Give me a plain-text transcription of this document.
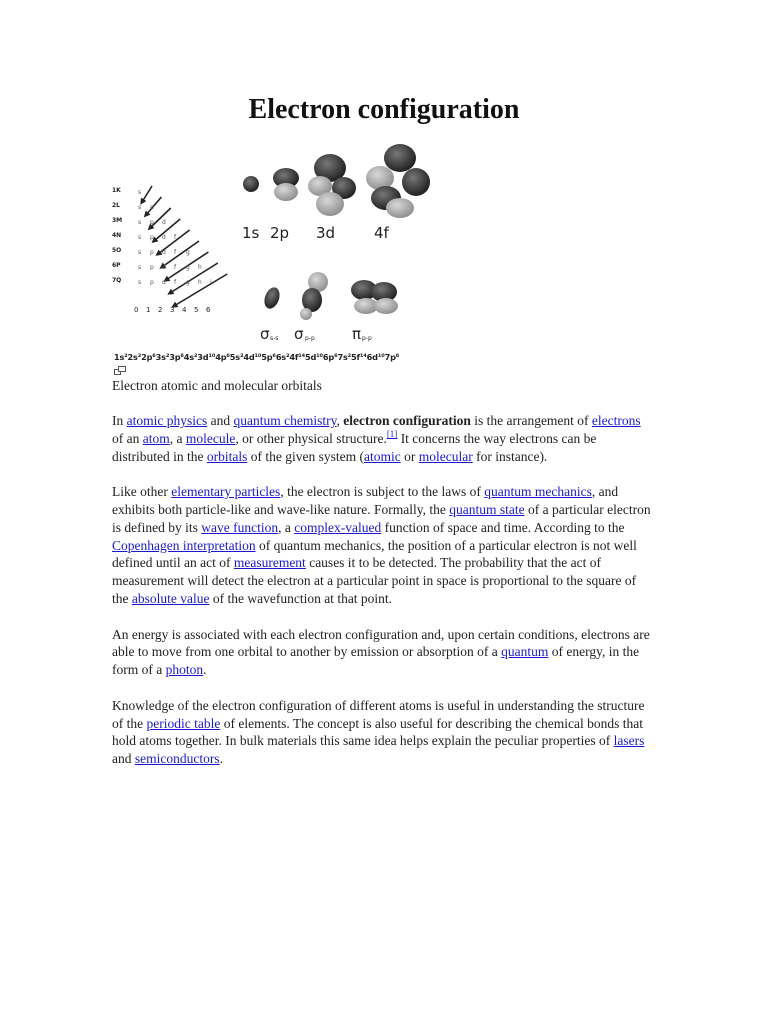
Electron configuration
1K
2L
3M
4N
5O
6P
7Q
s
s p
s p d
s p d f
s p d f g
s p d f g h
s p d f g h i
0 1 2 3 4 5 6
1s 2p 3d	4f
σ s-s σ p-p π p-p
1s²2s²2p⁶3s²3p⁶4s²3d¹⁰4p⁶5s²4d¹⁰5p⁶6s²4f¹⁴5d¹⁰6p⁶7s²5f¹⁴6d¹⁰7p⁶
Electron atomic and molecular orbitals

In atomic physics and quantum chemistry, electron configuration is the arrangement of electrons of an atom, a molecule, or other physical structure.[1] It concerns the way electrons can be distributed in the orbitals of the given system (atomic or molecular for instance).

Like other elementary particles, the electron is subject to the laws of quantum mechanics, and exhibits both particle-like and wave-like nature. Formally, the quantum state of a particular electron is defined by its wave function, a complex-valued function of space and time. According to the Copenhagen interpretation of quantum mechanics, the position of a particular electron is not well defined until an act of measurement causes it to be detected. The probability that the act of measurement will detect the electron at a particular point in space is proportional to the square of the absolute value of the wavefunction at that point.

An energy is associated with each electron configuration and, upon certain conditions, electrons are able to move from one orbital to another by emission or absorption of a quantum of energy, in the form of a photon.

Knowledge of the electron configuration of different atoms is useful in understanding the structure of the periodic table of elements. The concept is also useful for describing the chemical bonds that hold atoms together. In bulk materials this same idea helps explain the peculiar properties of lasers and semiconductors.
